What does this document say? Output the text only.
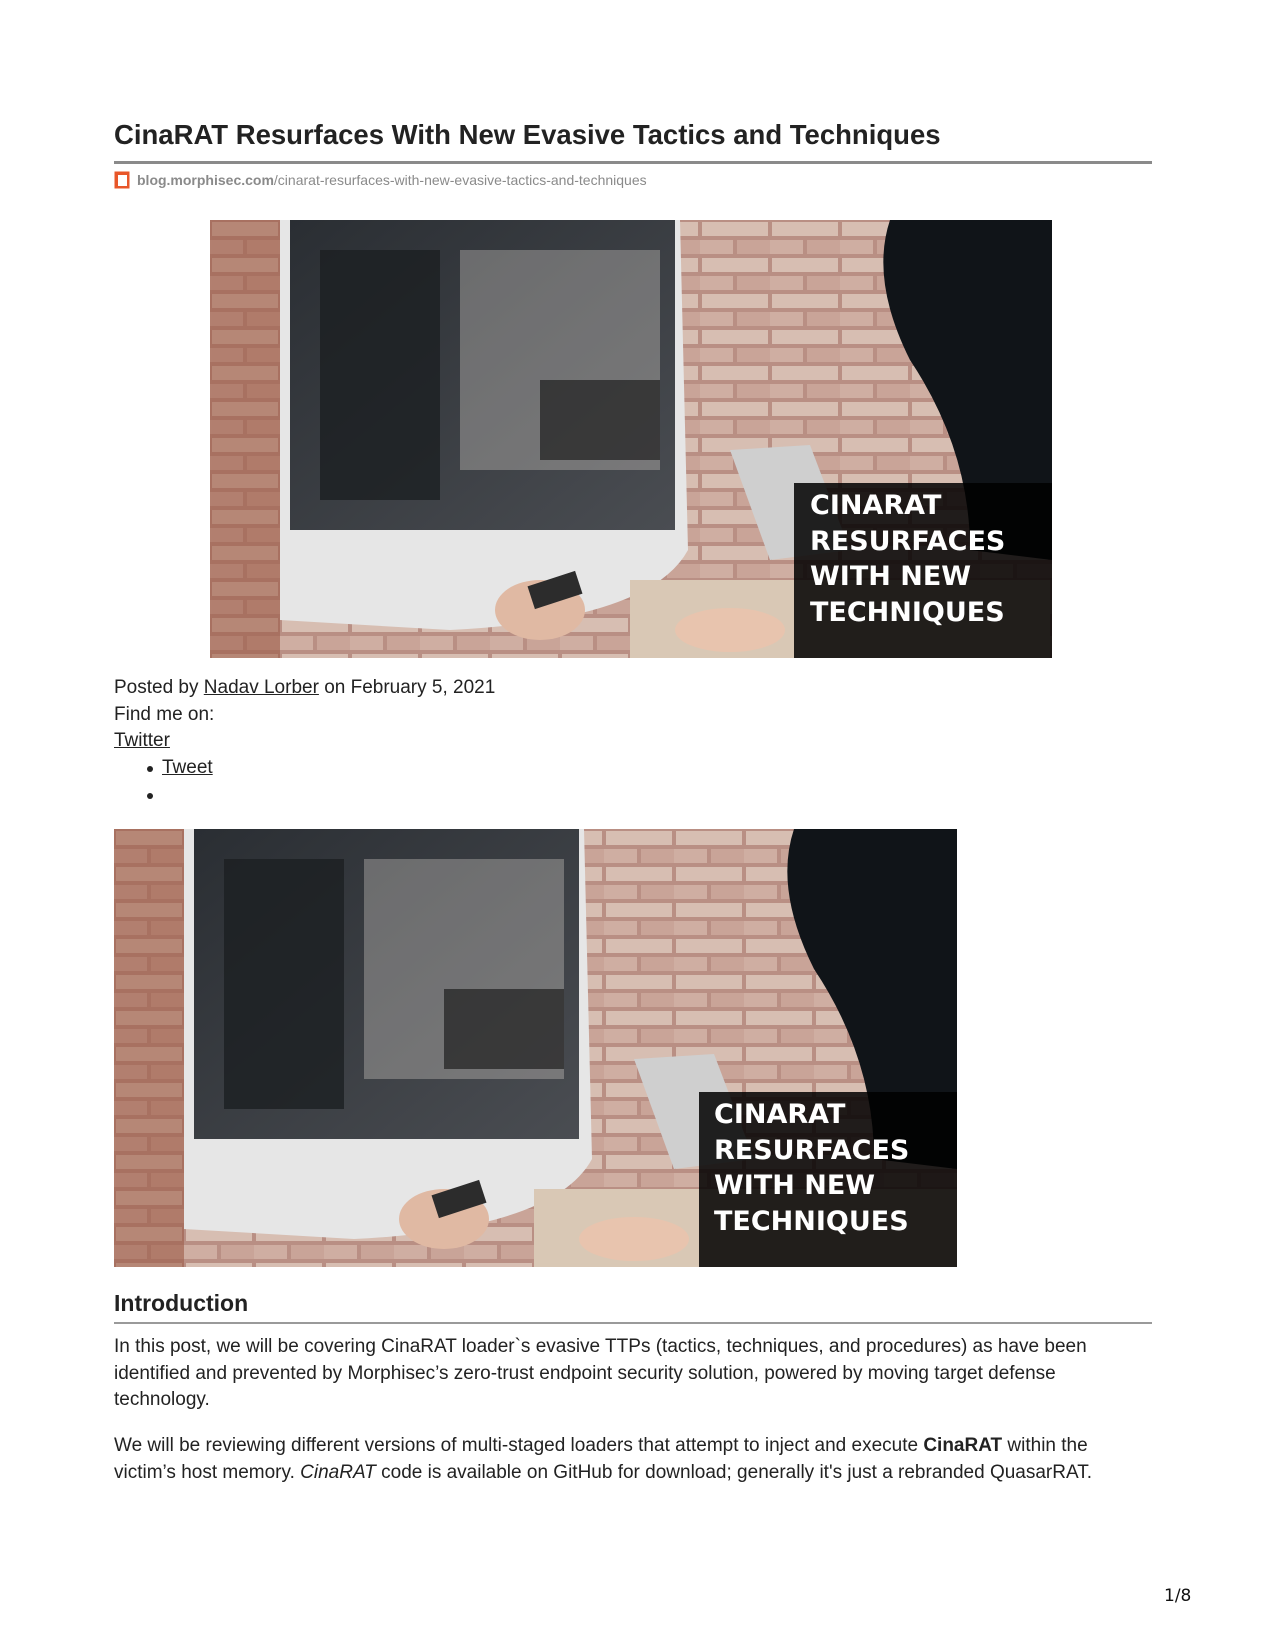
CinaRAT Resurfaces With New Evasive Tactics and Techniques
blog.morphisec.com /cinarat-resurfaces-with-new-evasive-tactics-and-techniques
CINARAT
RESURFACES
WITH NEW
TECHNIQUES
Posted by Nadav Lorber on February 5, 2021
Find me on:
Twitter
Tweet
CINARAT
RESURFACES
WITH NEW
TECHNIQUES
Introduction

In this post, we will be covering CinaRAT loader`s evasive TTPs (tactics, techniques, and procedures) as have been identified and prevented by Morphisec’s zero-trust endpoint security solution, powered by moving target defense technology.

We will be reviewing different versions of multi-staged loaders that attempt to inject and execute CinaRAT within the victim’s host memory. CinaRAT code is available on GitHub for download; generally it's just a rebranded QuasarRAT.

1/8
